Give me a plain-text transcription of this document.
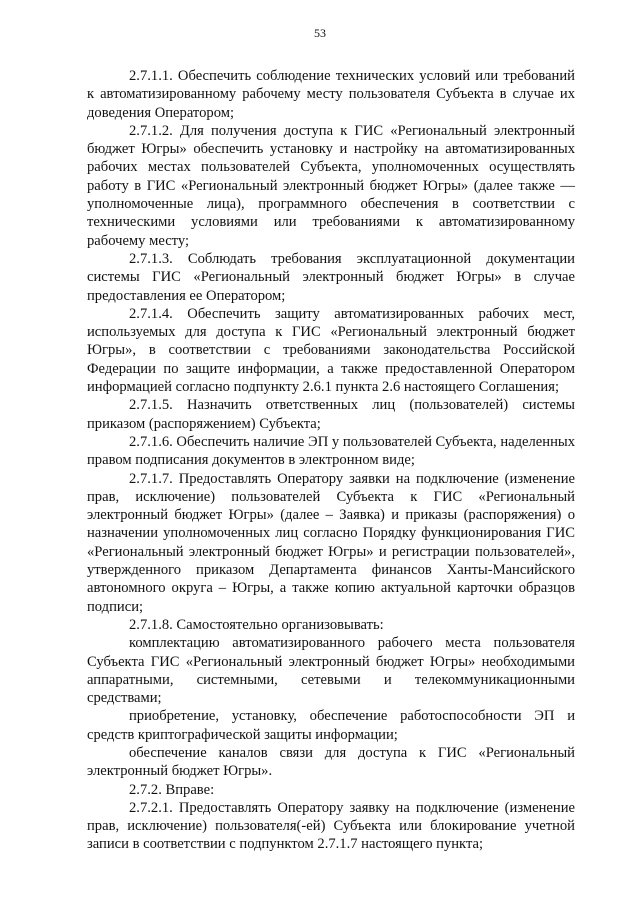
53

2.7.1.1. Обеспечить соблюдение технических условий или требований к автоматизированному рабочему месту пользователя Субъекта в случае их доведения Оператором;

2.7.1.2. Для получения доступа к ГИС «Региональный электронный бюджет Югры» обеспечить установку и настройку на автоматизированных рабочих местах пользователей Субъекта, уполномоченных осуществлять работу в ГИС «Региональный электронный бюджет Югры» (далее также — уполномоченные лица), программного обеспечения в соответствии с техническими условиями или требованиями к автоматизированному рабочему месту;

2.7.1.3. Соблюдать требования эксплуатационной документации системы ГИС «Региональный электронный бюджет Югры» в случае предоставления ее Оператором;

2.7.1.4. Обеспечить защиту автоматизированных рабочих мест, используемых для доступа к ГИС «Региональный электронный бюджет Югры», в соответствии с требованиями законодательства Российской Федерации по защите информации, а также предоставленной Оператором информацией согласно подпункту 2.6.1 пункта 2.6 настоящего Соглашения;

2.7.1.5. Назначить ответственных лиц (пользователей) системы приказом (распоряжением) Субъекта;

2.7.1.6. Обеспечить наличие ЭП у пользователей Субъекта, наделенных правом подписания документов в электронном виде;

2.7.1.7. Предоставлять Оператору заявки на подключение (изменение прав, исключение) пользователей Субъекта к ГИС «Региональный электронный бюджет Югры» (далее – Заявка) и приказы (распоряжения) о назначении уполномоченных лиц согласно Порядку функционирования ГИС «Региональный электронный бюджет Югры» и регистрации пользователей», утвержденного приказом Департамента финансов Ханты-Мансийского автономного округа – Югры, а также копию актуальной карточки образцов подписи;

2.7.1.8. Самостоятельно организовывать:

комплектацию автоматизированного рабочего места пользователя Субъекта ГИС «Региональный электронный бюджет Югры» необходимыми аппаратными, системными, сетевыми и телекоммуникационными средствами;

приобретение, установку, обеспечение работоспособности ЭП и средств криптографической защиты информации;

обеспечение каналов связи для доступа к ГИС «Региональный электронный бюджет Югры».

2.7.2. Вправе:

2.7.2.1. Предоставлять Оператору заявку на подключение (изменение прав, исключение) пользователя(-ей) Субъекта или блокирование учетной записи в соответствии с подпунктом 2.7.1.7 настоящего пункта;
